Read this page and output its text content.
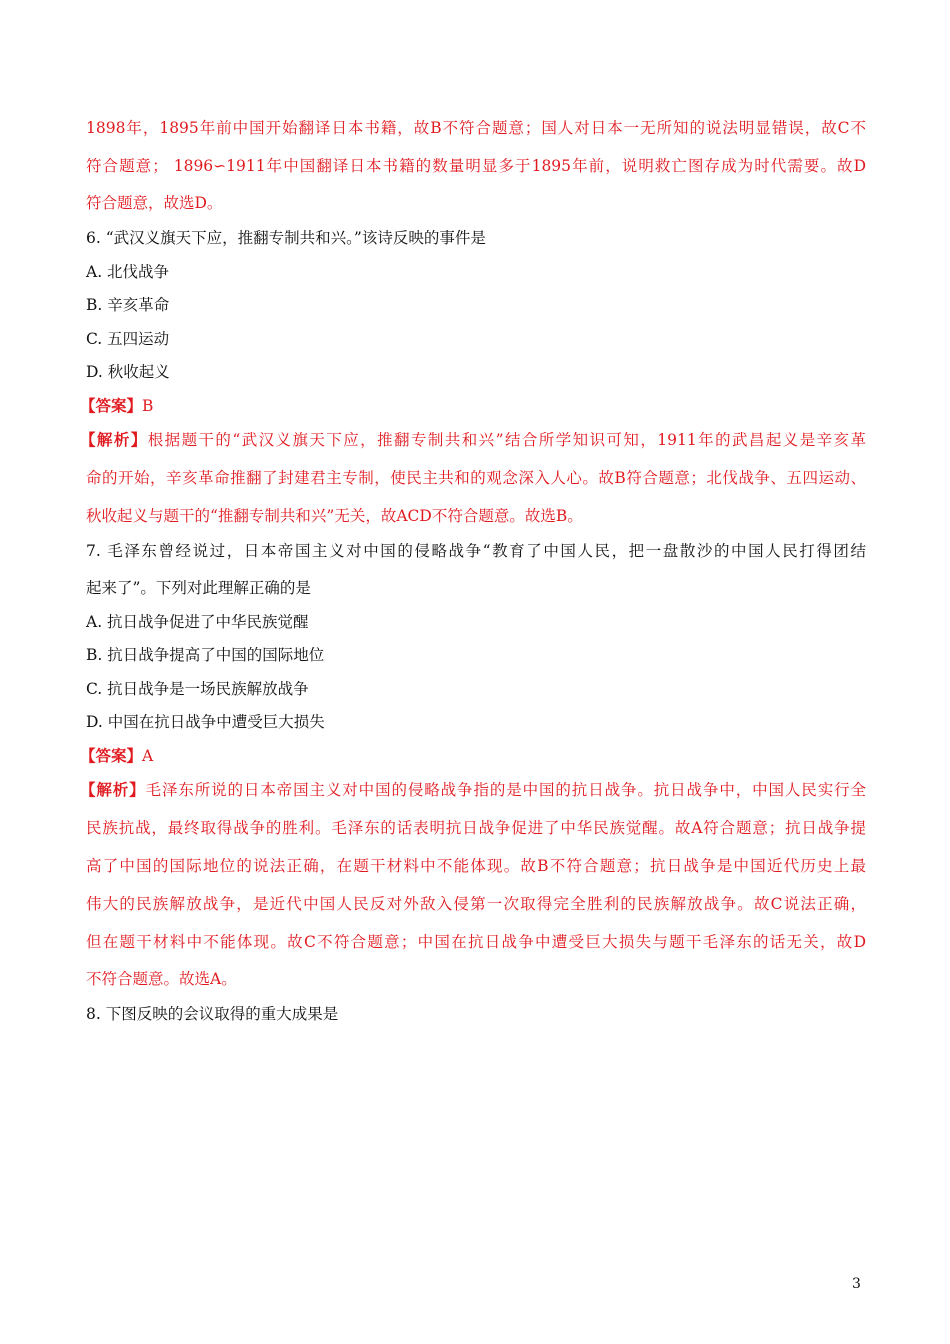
1898年，1895年前中国开始翻译日本书籍，故B不符合题意；国人对日本一无所知的说法明显错误，故C不
符合题意； 1896∽1911年中国翻译日本书籍的数量明显多于1895年前，说明救亡图存成为时代需要。故D
符合题意，故选D。
6. “武汉义旗天下应，推翻专制共和兴。”该诗反映的事件是
A. 北伐战争
B. 辛亥革命
C. 五四运动
D. 秋收起义
【答案】B
【解析】根据题干的“武汉义旗天下应，推翻专制共和兴”结合所学知识可知，1911年的武昌起义是辛亥革
命的开始，辛亥革命推翻了封建君主专制，使民主共和的观念深入人心。故B符合题意；北伐战争、五四运动、
秋收起义与题干的“推翻专制共和兴”无关，故ACD不符合题意。故选B。
7. 毛泽东曾经说过，日本帝国主义对中国的侵略战争“教育了中国人民，把一盘散沙的中国人民打得团结
起来了”。下列对此理解正确的是
A. 抗日战争促进了中华民族觉醒
B. 抗日战争提高了中国的国际地位
C. 抗日战争是一场民族解放战争
D. 中国在抗日战争中遭受巨大损失
【答案】A
【解析】毛泽东所说的日本帝国主义对中国的侵略战争指的是中国的抗日战争。抗日战争中，中国人民实行全
民族抗战，最终取得战争的胜利。毛泽东的话表明抗日战争促进了中华民族觉醒。故A符合题意；抗日战争提
高了中国的国际地位的说法正确，在题干材料中不能体现。故B不符合题意；抗日战争是中国近代历史上最
伟大的民族解放战争，是近代中国人民反对外敌入侵第一次取得完全胜利的民族解放战争。故C说法正确，
但在题干材料中不能体现。故C不符合题意；中国在抗日战争中遭受巨大损失与题干毛泽东的话无关，故D
不符合题意。故选A。
8. 下图反映的会议取得的重大成果是
3
